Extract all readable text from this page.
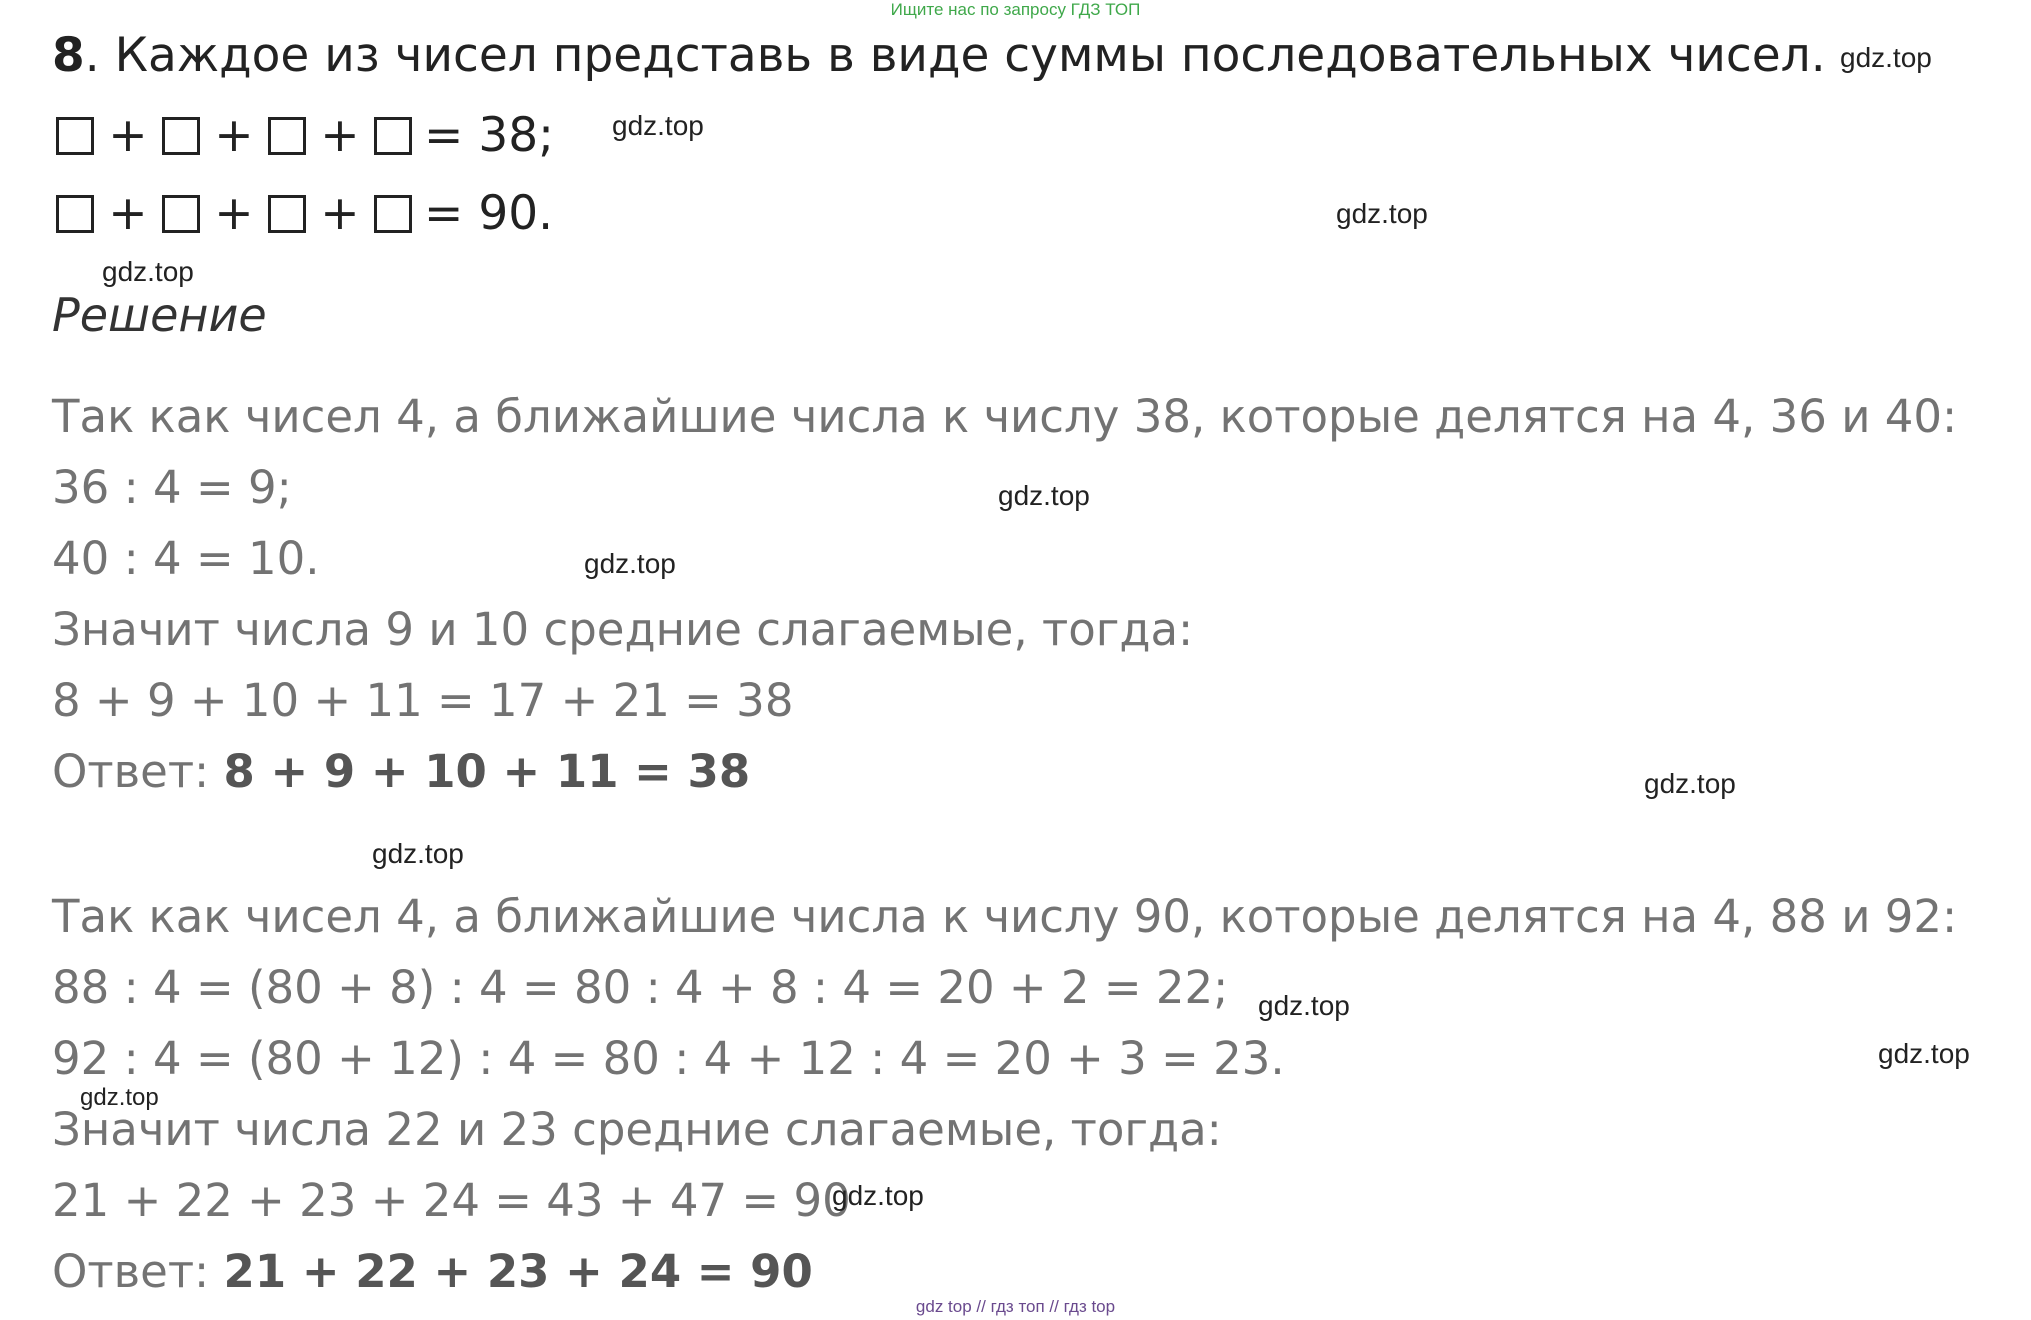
Ищите нас по запросу ГДЗ ТОП
8. Каждое из чисел представь в виде суммы последовательных чисел.
+	+	+	= 38;
+	+	+	= 90.
Решение
Так как чисел 4, а ближайшие числа к числу 38, которые делятся на 4, 36 и 40:
36 : 4 = 9;
40 : 4 = 10.
Значит числа 9 и 10 средние слагаемые, тогда:
8 + 9 + 10 + 11 = 17 + 21 = 38
Ответ: 8 + 9 + 10 + 11 = 38
Так как чисел 4, а ближайшие числа к числу 90, которые делятся на 4, 88 и 92:
88 : 4 = (80 + 8) : 4 = 80 : 4 + 8 : 4 = 20 + 2 = 22;
92 : 4 = (80 + 12) : 4 = 80 : 4 + 12 : 4 = 20 + 3 = 23.
Значит числа 22 и 23 средние слагаемые, тогда:
21 + 22 + 23 + 24 = 43 + 47 = 90
Ответ: 21 + 22 + 23 + 24 = 90
gdz.top
gdz.top
gdz.top
gdz.top
gdz.top
gdz.top
gdz.top
gdz.top
gdz.top
gdz.top
gdz.top
gdz.top
gdz top // гдз топ // гдз top
